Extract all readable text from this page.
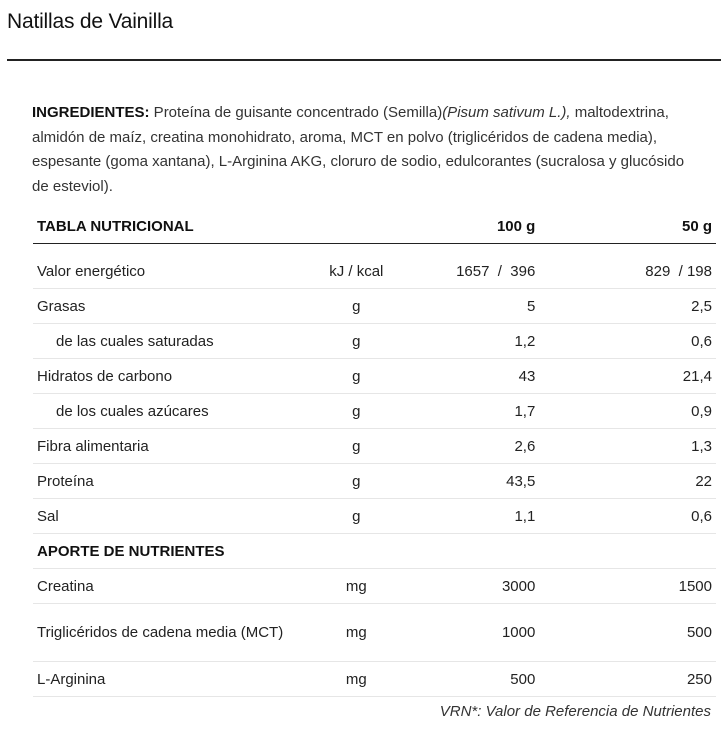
Natillas de Vainilla

INGREDIENTES: Proteína de guisante concentrado (Semilla)(Pisum sativum L.), maltodextrina, almidón de maíz, creatina monohidrato, aroma, MCT en polvo (triglicéridos de cadena media), espesante (goma xantana), L-Arginina AKG, cloruro de sodio, edulcorantes (sucralosa y glucósido de esteviol).

TABLA NUTRICIONAL		100 g	50 g

Valor energético	kJ / kcal	1657  /  396	829  / 198
Grasas	g	5	2,5
de las cuales saturadas	g	1,2	0,6
Hidratos de carbono	g	43	21,4
de los cuales azúcares	g	1,7	0,9
Fibra alimentaria	g	2,6	1,3
Proteína	g	43,5	22
Sal	g	1,1	0,6
APORTE DE NUTRIENTES			
Creatina	mg	3000	1500
Triglicéridos de cadena media (MCT)	mg	1000	500
L-Arginina	mg	500	250
VRN*: Valor de Referencia de Nutrientes
